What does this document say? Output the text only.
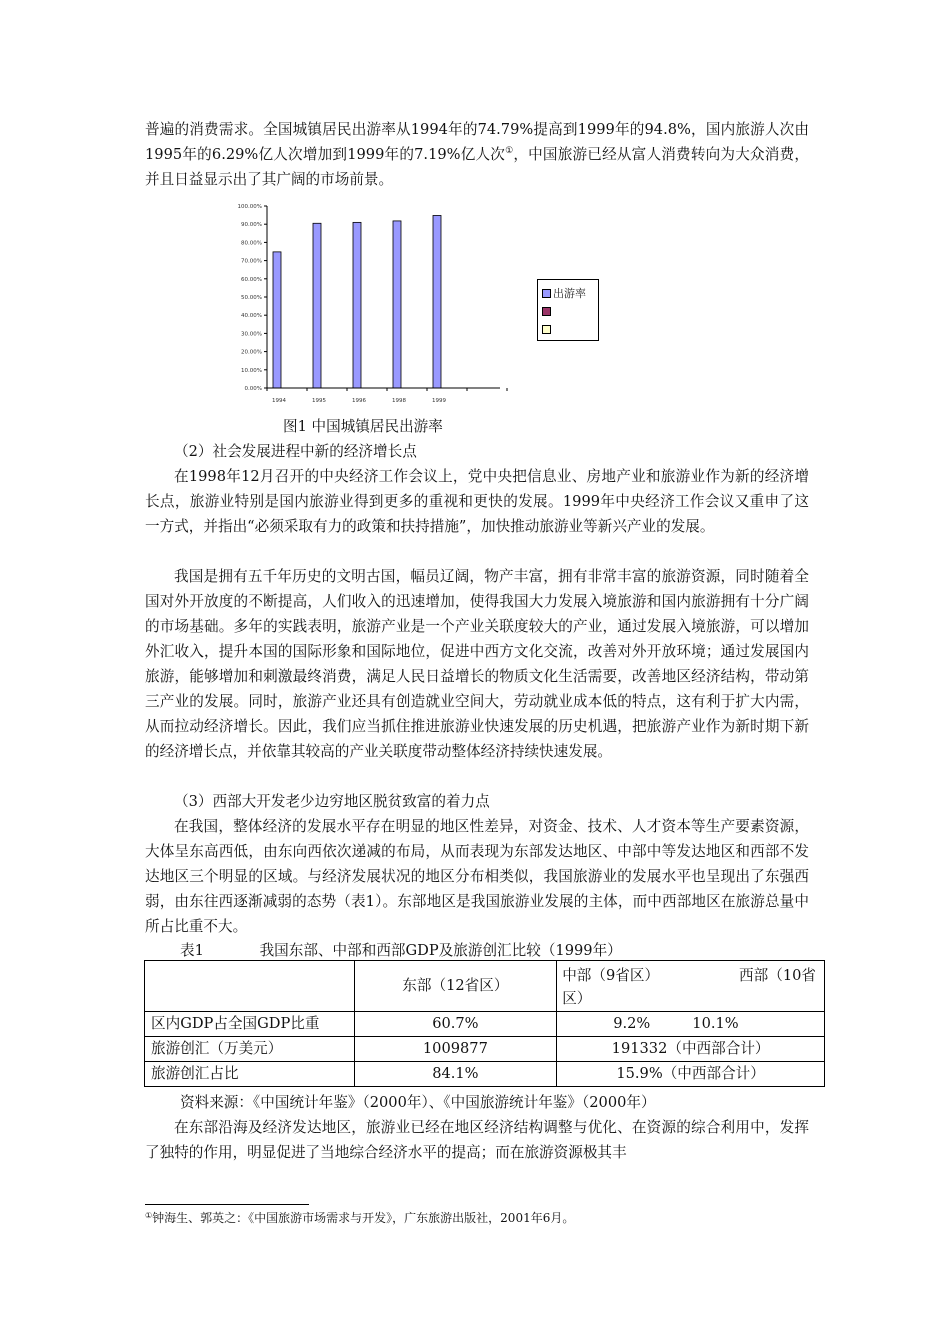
普遍的消费需求。全国城镇居民出游率从1994年的74.79%提高到1999年的94.8%，国内旅游人次由1995年的6.29%亿人次增加到1999年的7.19%亿人次①，中国旅游已经从富人消费转向为大众消费，并且日益显示出了其广阔的市场前景。

100.00%
90.00%
80.00%
70.00%
60.00%
50.00%
40.00%
30.00%
20.00%
10.00%
0.00%
1994	1995	1996	1998	1999
出游率
图1 中国城镇居民出游率

（2）社会发展进程中新的经济增长点

在1998年12月召开的中央经济工作会议上，党中央把信息业、房地产业和旅游业作为新的经济增长点，旅游业特别是国内旅游业得到更多的重视和更快的发展。1999年中央经济工作会议又重申了这一方式，并指出“必须采取有力的政策和扶持措施”，加快推动旅游业等新兴产业的发展。

我国是拥有五千年历史的文明古国，幅员辽阔，物产丰富，拥有非常丰富的旅游资源，同时随着全国对外开放度的不断提高，人们收入的迅速增加，使得我国大力发展入境旅游和国内旅游拥有十分广阔的市场基础。多年的实践表明，旅游产业是一个产业关联度较大的产业，通过发展入境旅游，可以增加外汇收入，提升本国的国际形象和国际地位，促进中西方文化交流，改善对外开放环境；通过发展国内旅游，能够增加和刺激最终消费，满足人民日益增长的物质文化生活需要，改善地区经济结构，带动第三产业的发展。同时，旅游产业还具有创造就业空间大，劳动就业成本低的特点，这有利于扩大内需，从而拉动经济增长。因此，我们应当抓住推进旅游业快速发展的历史机遇，把旅游产业作为新时期下新的经济增长点，并依靠其较高的产业关联度带动整体经济持续快速发展。

（3）西部大开发老少边穷地区脱贫致富的着力点

在我国，整体经济的发展水平存在明显的地区性差异，对资金、技术、人才资本等生产要素资源，大体呈东高西低，由东向西依次递减的布局，从而表现为东部发达地区、中部中等发达地区和西部不发达地区三个明显的区域。与经济发展状况的地区分布相类似，我国旅游业的发展水平也呈现出了东强西弱，由东往西逐渐减弱的态势（表1）。东部地区是我国旅游业发展的主体，而中西部地区在旅游总量中所占比重不大。

表1	我国东部、中部和西部GDP及旅游创汇比较（1999年）
	东部（12省区）	中部（9省区） 西部（10省
区）

区内GDP占全国GDP比重	60.7%	9.2% 10.1%

旅游创汇（万美元）	1009877	191332（中西部合计）
旅游创汇占比	84.1%	15.9%（中西部合计）
资料来源：《中国统计年鉴》（2000年）、《中国旅游统计年鉴》（2000年）

在东部沿海及经济发达地区，旅游业已经在地区经济结构调整与优化、在资源的综合利用中，发挥了独特的作用，明显促进了当地综合经济水平的提高；而在旅游资源极其丰

①钟海生、郭英之：《中国旅游市场需求与开发》，广东旅游出版社，2001年6月。
